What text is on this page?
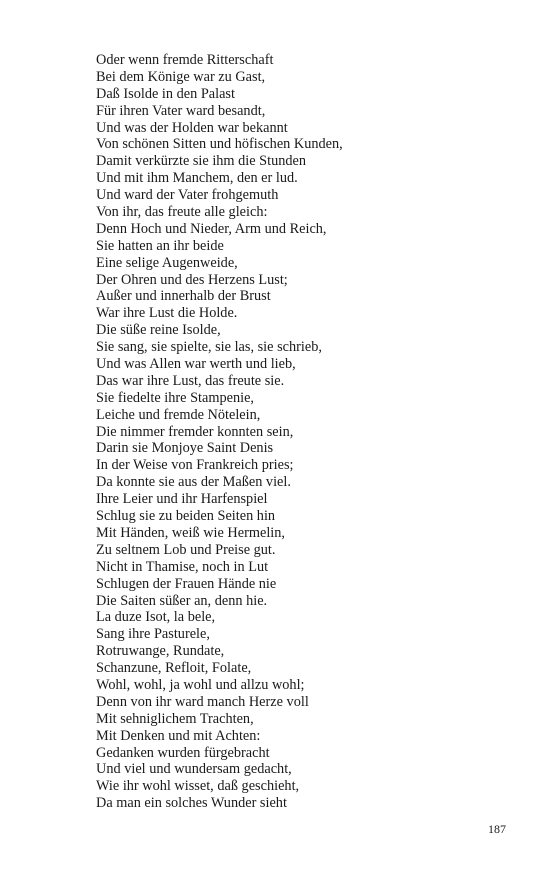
Oder wenn fremde Ritterschaft
Bei dem Könige war zu Gast,
Daß Isolde in den Palast
Für ihren Vater ward besandt,
Und was der Holden war bekannt
Von schönen Sitten und höfischen Kunden,
Damit verkürzte sie ihm die Stunden
Und mit ihm Manchem, den er lud.
Und ward der Vater frohgemuth
Von ihr, das freute alle gleich:
Denn Hoch und Nieder, Arm und Reich,
Sie hatten an ihr beide
Eine selige Augenweide,
Der Ohren und des Herzens Lust;
Außer und innerhalb der Brust
War ihre Lust die Holde.
Die süße reine Isolde,
Sie sang, sie spielte, sie las, sie schrieb,
Und was Allen war werth und lieb,
Das war ihre Lust, das freute sie.
Sie fiedelte ihre Stampenie,
Leiche und fremde Nötelein,
Die nimmer fremder konnten sein,
Darin sie Monjoye Saint Denis
In der Weise von Frankreich pries;
Da konnte sie aus der Maßen viel.
Ihre Leier und ihr Harfenspiel
Schlug sie zu beiden Seiten hin
Mit Händen, weiß wie Hermelin,
Zu seltnem Lob und Preise gut.
Nicht in Thamise, noch in Lut
Schlugen der Frauen Hände nie
Die Saiten süßer an, denn hie.
La duze Isot, la bele,
Sang ihre Pasturele,
Rotruwange, Rundate,
Schanzune, Refloit, Folate,
Wohl, wohl, ja wohl und allzu wohl;
Denn von ihr ward manch Herze voll
Mit sehniglichem Trachten,
Mit Denken und mit Achten:
Gedanken wurden fürgebracht
Und viel und wundersam gedacht,
Wie ihr wohl wisset, daß geschieht,
Da man ein solches Wunder sieht
187
